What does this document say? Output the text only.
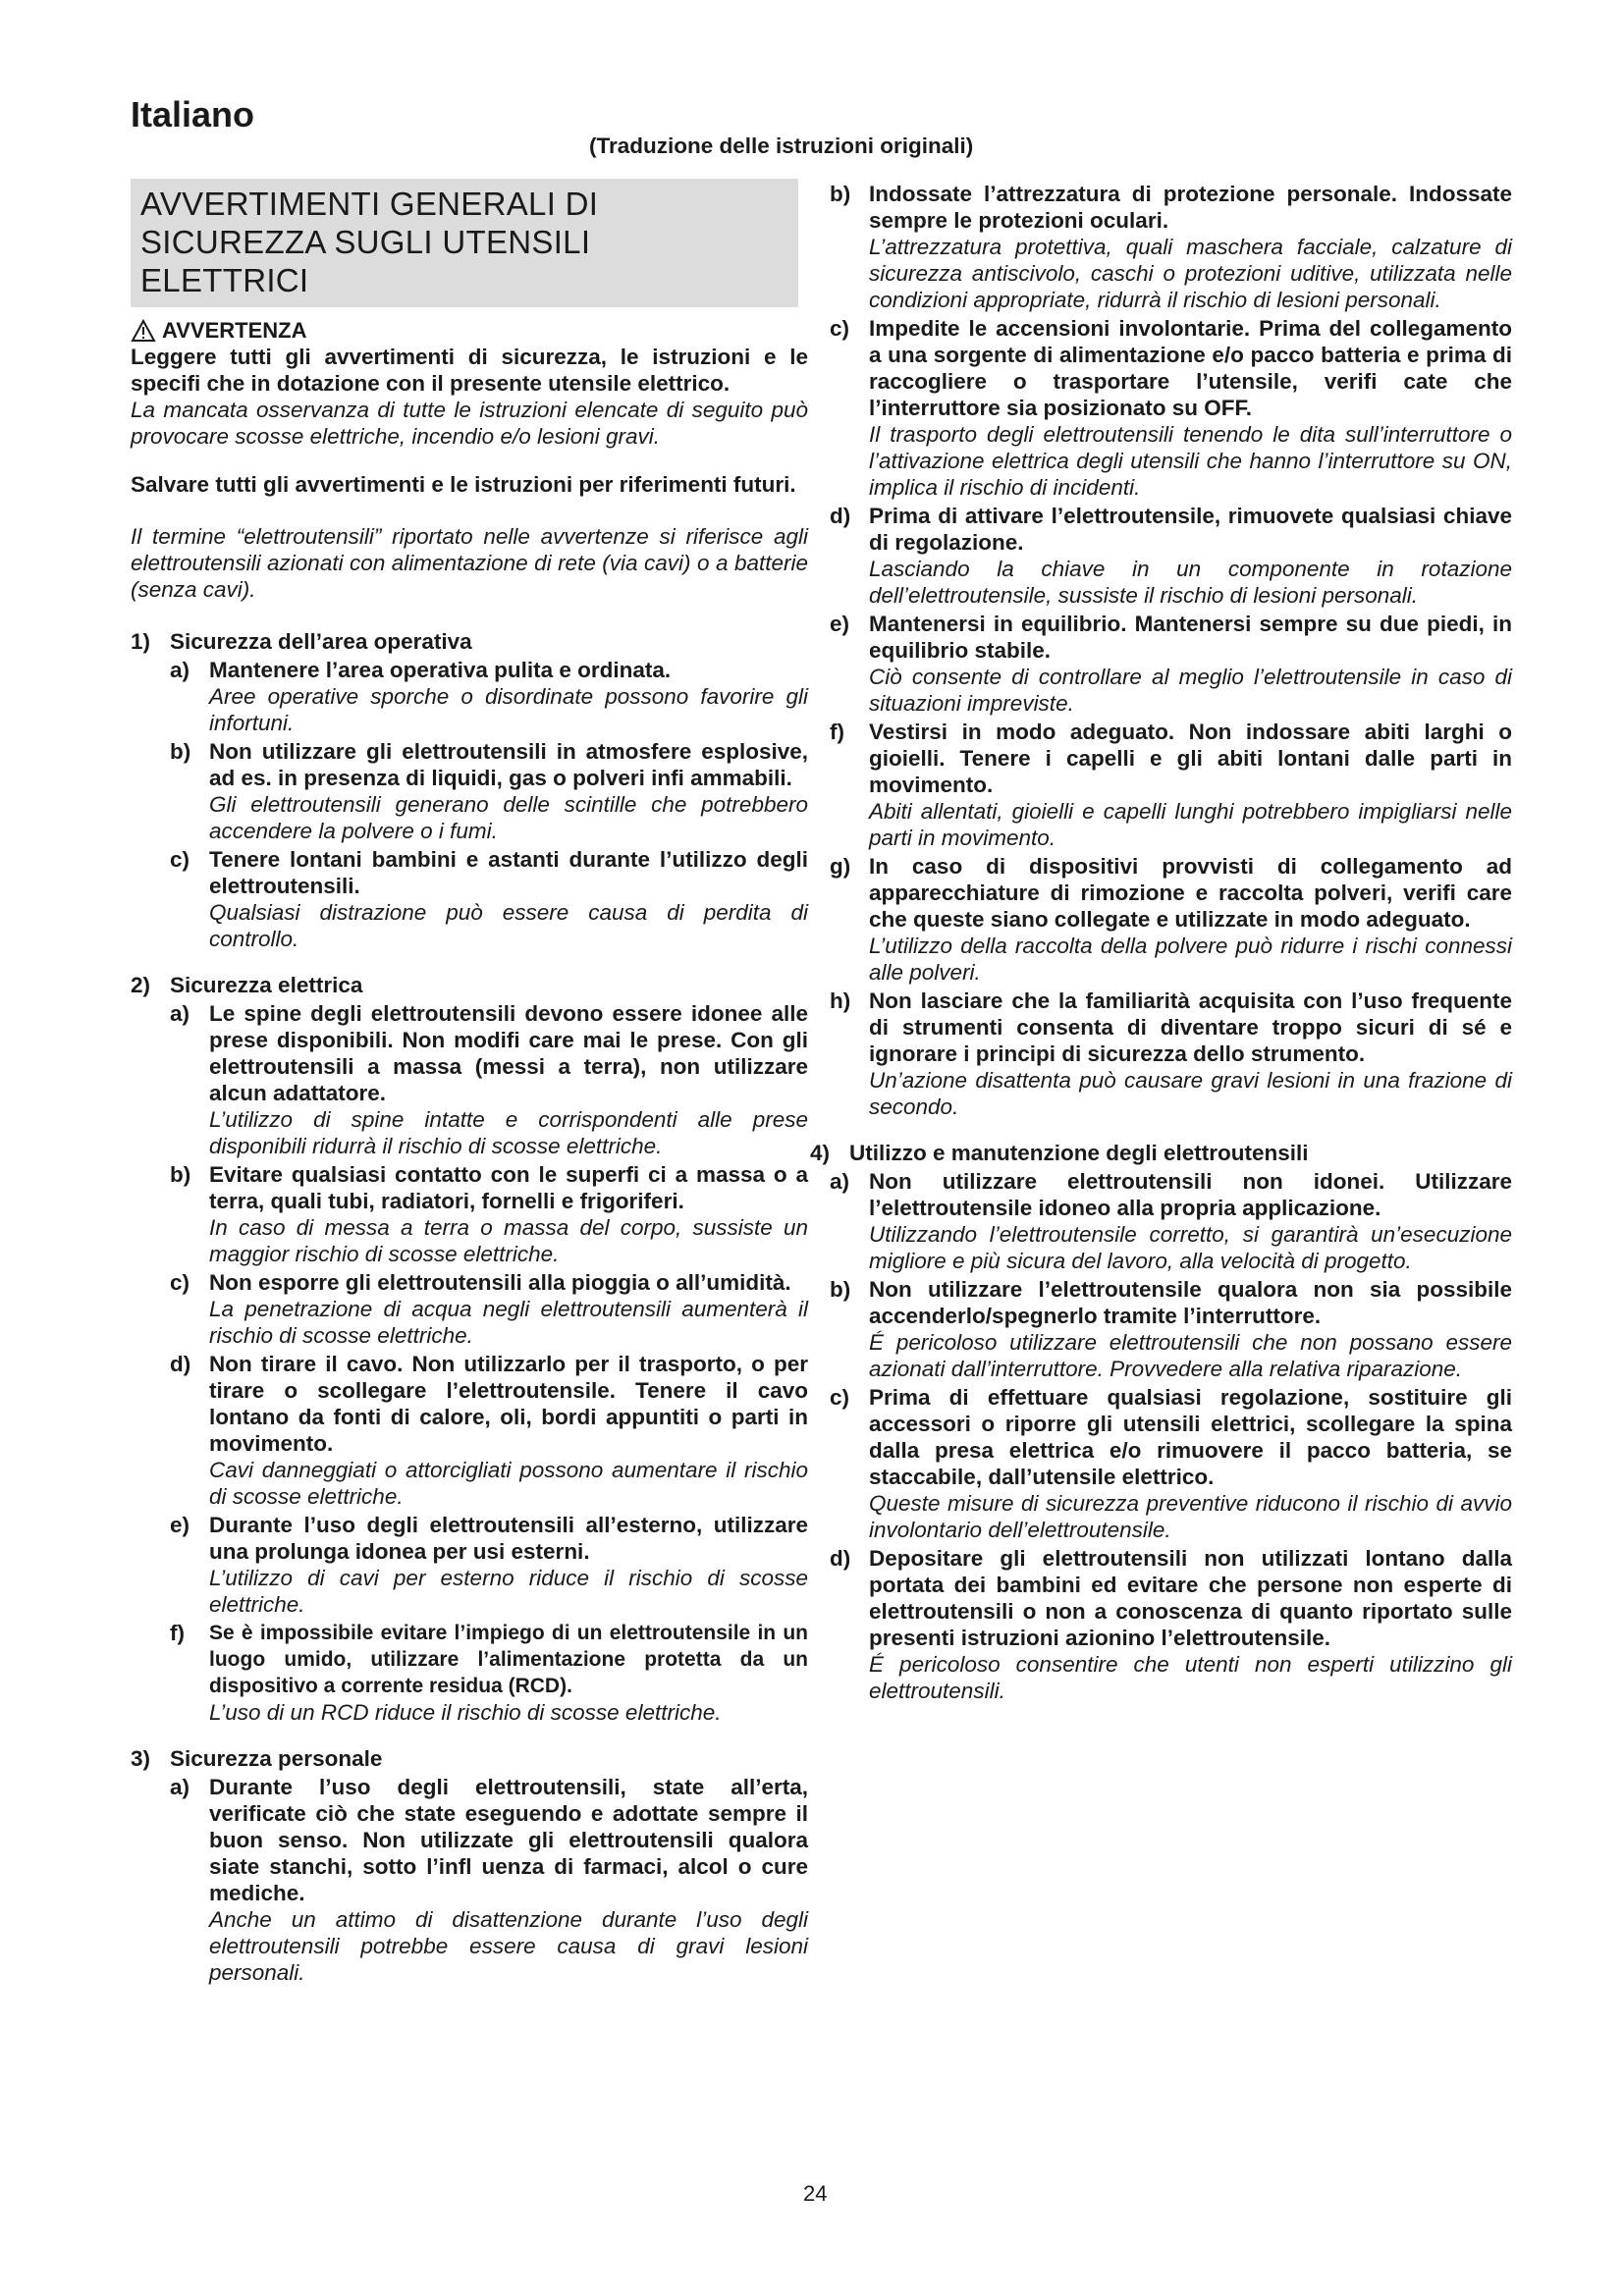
Italiano
(Traduzione delle istruzioni originali)
AVVERTIMENTI GENERALI DI
SICUREZZA SUGLI UTENSILI
ELETTRICI
AVVERTENZA

Leggere tutti gli avvertimenti di sicurezza, le istruzioni e le specifi che in dotazione con il presente utensile elettrico.

La mancata osservanza di tutte le istruzioni elencate di seguito può provocare scosse elettriche, incendio e/o lesioni gravi.

Salvare tutti gli avvertimenti e le istruzioni per riferimenti futuri.

Il termine “elettroutensili” riportato nelle avvertenze si riferisce agli elettroutensili azionati con alimentazione di rete (via cavi) o a batterie (senza cavi).

1) Sicurezza dell’area operativa
a) Mantenere l’area operativa pulita e ordinata.

Aree operative sporche o disordinate possono favorire gli infortuni.

b) Non utilizzare gli elettroutensili in atmosfere esplosive, ad es. in presenza di liquidi, gas o polveri infi ammabili.

Gli elettroutensili generano delle scintille che potrebbero accendere la polvere o i fumi.

c) Tenere lontani bambini e astanti durante l’utilizzo degli elettroutensili.

Qualsiasi distrazione può essere causa di perdita di controllo.

2) Sicurezza elettrica
a) Le spine degli elettroutensili devono essere idonee alle prese disponibili. Non modifi care mai le prese. Con gli elettroutensili a massa (messi a terra), non utilizzare alcun adattatore.

L’utilizzo di spine intatte e corrispondenti alle prese disponibili ridurrà il rischio di scosse elettriche.

b) Evitare qualsiasi contatto con le superfi ci a massa o a terra, quali tubi, radiatori, fornelli e frigoriferi.

In caso di messa a terra o massa del corpo, sussiste un maggior rischio di scosse elettriche.

c) Non esporre gli elettroutensili alla pioggia o all’umidità.

La penetrazione di acqua negli elettroutensili aumenterà il rischio di scosse elettriche.

d) Non tirare il cavo. Non utilizzarlo per il trasporto, o per tirare o scollegare l’elettroutensile. Tenere il cavo lontano da fonti di calore, oli, bordi appuntiti o parti in movimento.

Cavi danneggiati o attorcigliati possono aumentare il rischio di scosse elettriche.

e) Durante l’uso degli elettroutensili all’esterno, utilizzare una prolunga idonea per usi esterni.

L’utilizzo di cavi per esterno riduce il rischio di scosse elettriche.

f)	Se è impossibile evitare l’impiego di un elettroutensile in un luogo umido, utilizzare l’alimentazione protetta da un dispositivo a corrente residua (RCD).

L’uso di un RCD riduce il rischio di scosse elettriche.

3) Sicurezza personale
a) Durante l’uso degli elettroutensili, state all’erta, verificate ciò che state eseguendo e adottate sempre il buon senso. Non utilizzate gli elettroutensili qualora siate stanchi, sotto l’infl uenza di farmaci, alcol o cure mediche.

Anche un attimo di disattenzione durante l’uso degli elettroutensili potrebbe essere causa di gravi lesioni personali.

b) Indossate l’attrezzatura di protezione personale. Indossate sempre le protezioni oculari.

L’attrezzatura protettiva, quali maschera facciale, calzature di sicurezza antiscivolo, caschi o protezioni uditive, utilizzata nelle condizioni appropriate, ridurrà il rischio di lesioni personali.

c) Impedite le accensioni involontarie. Prima del collegamento a una sorgente di alimentazione e/o pacco batteria e prima di raccogliere o trasportare l’utensile, verifi cate che l’interruttore sia posizionato su OFF.

Il trasporto degli elettroutensili tenendo le dita sull’interruttore o l’attivazione elettrica degli utensili che hanno l’interruttore su ON, implica il rischio di incidenti.

d) Prima di attivare l’elettroutensile, rimuovete qualsiasi chiave di regolazione.

Lasciando la chiave in un componente in rotazione dell’elettroutensile, sussiste il rischio di lesioni personali.

e) Mantenersi in equilibrio. Mantenersi sempre su due piedi, in equilibrio stabile.

Ciò consente di controllare al meglio l’elettroutensile in caso di situazioni impreviste.

f)	Vestirsi in modo adeguato. Non indossare abiti larghi o gioielli. Tenere i capelli e gli abiti lontani dalle parti in movimento.

Abiti allentati, gioielli e capelli lunghi potrebbero impigliarsi nelle parti in movimento.

g) In caso di dispositivi provvisti di collegamento ad apparecchiature di rimozione e raccolta polveri, verifi care che queste siano collegate e utilizzate in modo adeguato.

L’utilizzo della raccolta della polvere può ridurre i rischi connessi alle polveri.

h) Non lasciare che la familiarità acquisita con l’uso frequente di strumenti consenta di diventare troppo sicuri di sé e ignorare i principi di sicurezza dello strumento.

Un’azione disattenta può causare gravi lesioni in una frazione di secondo.

4) Utilizzo e manutenzione degli elettroutensili
a) Non utilizzare elettroutensili non idonei. Utilizzare l’elettroutensile idoneo alla propria applicazione.

Utilizzando l’elettroutensile corretto, si garantirà un’esecuzione migliore e più sicura del lavoro, alla velocità di progetto.

b) Non utilizzare l’elettroutensile qualora non sia possibile accenderlo/spegnerlo tramite l’interruttore.

É pericoloso utilizzare elettroutensili che non possano essere azionati dall’interruttore. Provvedere alla relativa riparazione.

c) Prima di effettuare qualsiasi regolazione, sostituire gli accessori o riporre gli utensili elettrici, scollegare la spina dalla presa elettrica e/o rimuovere il pacco batteria, se staccabile, dall’utensile elettrico.

Queste misure di sicurezza preventive riducono il rischio di avvio involontario dell’elettroutensile.

d) Depositare gli elettroutensili non utilizzati lontano dalla portata dei bambini ed evitare che persone non esperte di elettroutensili o non a conoscenza di quanto riportato sulle presenti istruzioni azionino l’elettroutensile.

É pericoloso consentire che utenti non esperti utilizzino gli elettroutensili.

24
